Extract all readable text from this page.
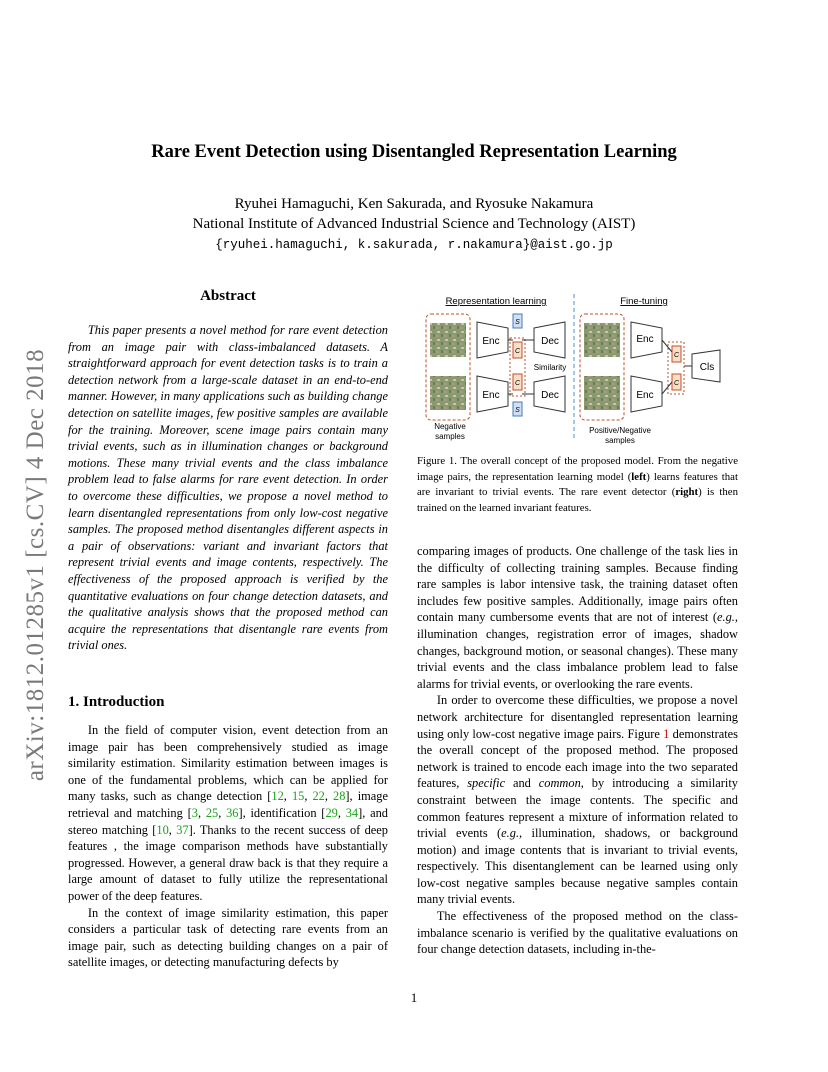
arXiv:1812.01285v1 [cs.CV] 4 Dec 2018
Rare Event Detection using Disentangled Representation Learning
Ryuhei Hamaguchi, Ken Sakurada, and Ryosuke Nakamura
National Institute of Advanced Industrial Science and Technology (AIST)
{ryuhei.hamaguchi, k.sakurada, r.nakamura}@aist.go.jp
Abstract

This paper presents a novel method for rare event detection from an image pair with class-imbalanced datasets. A straightforward approach for event detection tasks is to train a detection network from a large-scale dataset in an end-to-end manner. However, in many applications such as building change detection on satellite images, few positive samples are available for the training. Moreover, scene image pairs contain many trivial events, such as in illumination changes or background motions. These many trivial events and the class imbalance problem lead to false alarms for rare event detection. In order to overcome these difficulties, we propose a novel method to learn disentangled representations from only low-cost negative samples. The proposed method disentangles different aspects in a pair of observations: variant and invariant factors that represent trivial events and image contents, respectively. The effectiveness of the proposed approach is verified by the quantitative evaluations on four change detection datasets, and the qualitative analysis shows that the proposed method can acquire the representations that disentangle rare events from trivial ones.

1. Introduction

In the field of computer vision, event detection from an image pair has been comprehensively studied as image similarity estimation. Similarity estimation between images is one of the fundamental problems, which can be applied for many tasks, such as change detection [12, 15, 22, 28], image retrieval and matching [3, 25, 36], identification [29, 34], and stereo matching [10, 37]. Thanks to the recent success of deep features , the image comparison methods have substantially progressed. However, a general draw back is that they require a large amount of dataset to fully utilize the representational power of the deep features.

In the context of image similarity estimation, this paper considers a particular task of detecting rare events from an image pair, such as detecting building changes on a pair of satellite images, or detecting manufacturing defects by

Representation learning	Fine-tuning
Negative
samples
Enc
Enc
S
C
C
S
Similarity
Dec
Dec
Positive/Negative
samples
Enc
Enc
C
C
Cls
Figure 1. The overall concept of the proposed model. From the negative image pairs, the representation learning model (left) learns features that are invariant to trivial events. The rare event detector (right) is then trained on the learned invariant features.

comparing images of products. One challenge of the task lies in the difficulty of collecting training samples. Because finding rare samples is labor intensive task, the training dataset often includes few positive samples. Additionally, image pairs often contain many cumbersome events that are not of interest (e.g., illumination changes, registration error of images, shadow changes, background motion, or seasonal changes). These many trivial events and the class imbalance problem lead to false alarms for trivial events, or overlooking the rare events.

In order to overcome these difficulties, we propose a novel network architecture for disentangled representation learning using only low-cost negative image pairs. Figure 1 demonstrates the overall concept of the proposed method. The proposed network is trained to encode each image into the two separated features, specific and common, by introducing a similarity constraint between the image contents. The specific and common features represent a mixture of information related to trivial events (e.g., illumination, shadows, or background motion) and image contents that is invariant to trivial events, respectively. This disentanglement can be learned using only low-cost negative samples because negative samples contain many trivial events.

The effectiveness of the proposed method on the class-imbalance scenario is verified by the qualitative evaluations on four change detection datasets, including in-the-

1
